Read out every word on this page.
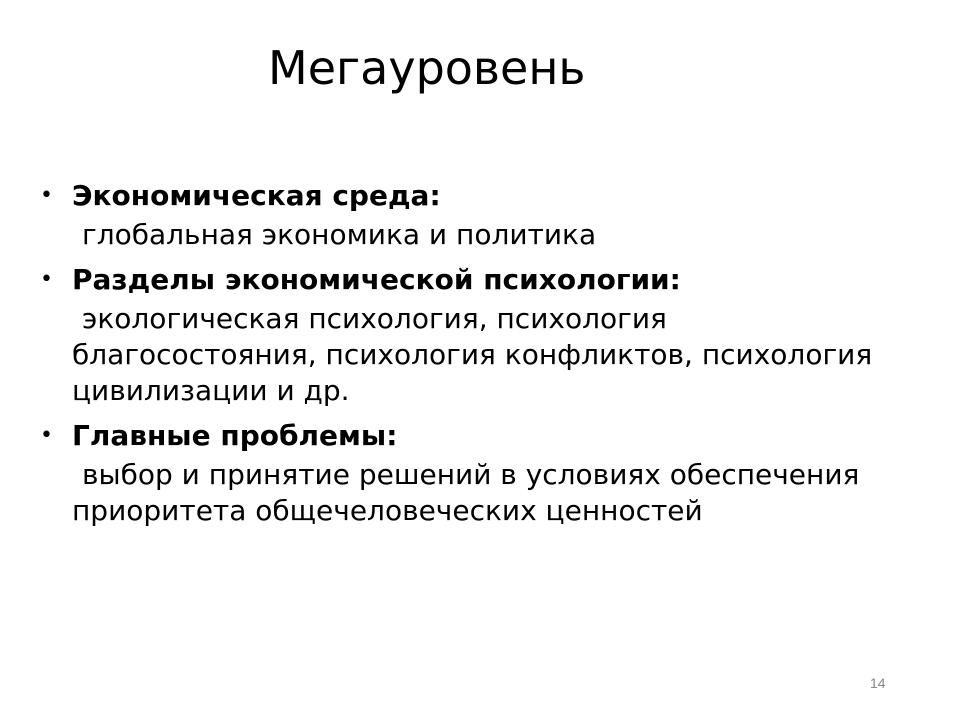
Мегауровень
• Экономическая среда:
глобальная экономика и политика
• Разделы экономической психологии:
экологическая психология, психология благосостояния, психология конфликтов, психология цивилизации и др.
• Главные проблемы:
выбор и принятие решений в условиях обеспечения приоритета общечеловеческих ценностей
14
